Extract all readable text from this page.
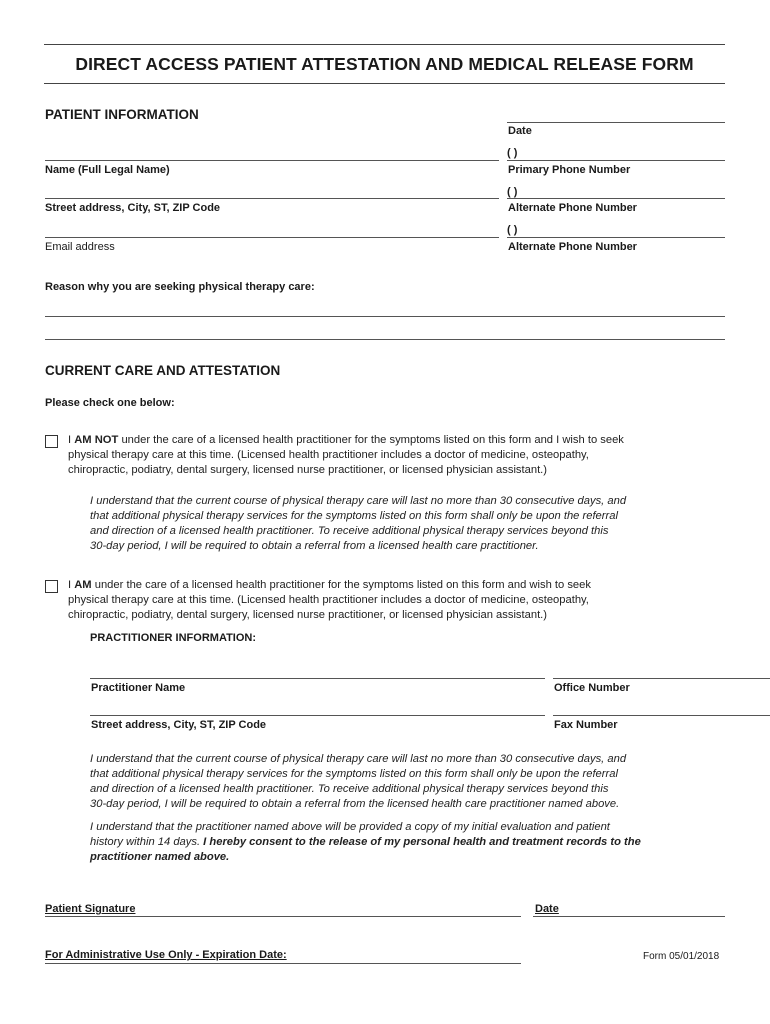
DIRECT ACCESS PATIENT ATTESTATION AND MEDICAL RELEASE FORM
PATIENT INFORMATION
Date
( )
Name (Full Legal Name)	Primary Phone Number
( )
Street address, City, ST, ZIP Code	Alternate Phone Number
( )
Email address	Alternate Phone Number
Reason why you are seeking physical therapy care:
CURRENT CARE AND ATTESTATION
Please check one below:
I AM NOT under the care of a licensed health practitioner for the symptoms listed on this form and I wish to seek
physical therapy care at this time. (Licensed health practitioner includes a doctor of medicine, osteopathy,
chiropractic, podiatry, dental surgery, licensed nurse practitioner, or licensed physician assistant.)
I understand that the current course of physical therapy care will last no more than 30 consecutive days, and
that additional physical therapy services for the symptoms listed on this form shall only be upon the referral
and direction of a licensed health practitioner. To receive additional physical therapy services beyond this
30-day period, I will be required to obtain a referral from a licensed health care practitioner.
I AM under the care of a licensed health practitioner for the symptoms listed on this form and wish to seek
physical therapy care at this time. (Licensed health practitioner includes a doctor of medicine, osteopathy,
chiropractic, podiatry, dental surgery, licensed nurse practitioner, or licensed physician assistant.)
PRACTITIONER INFORMATION:
Practitioner Name	Office Number
Street address, City, ST, ZIP Code	Fax Number
I understand that the current course of physical therapy care will last no more than 30 consecutive days, and
that additional physical therapy services for the symptoms listed on this form shall only be upon the referral
and direction of a licensed health practitioner. To receive additional physical therapy services beyond this
30-day period, I will be required to obtain a referral from the licensed health care practitioner named above.
I understand that the practitioner named above will be provided a copy of my initial evaluation and patient
history within 14 days. I hereby consent to the release of my personal health and treatment records to the
practitioner named above.
Patient Signature	Date
For Administrative Use Only - Expiration Date:	Form 05/01/2018
